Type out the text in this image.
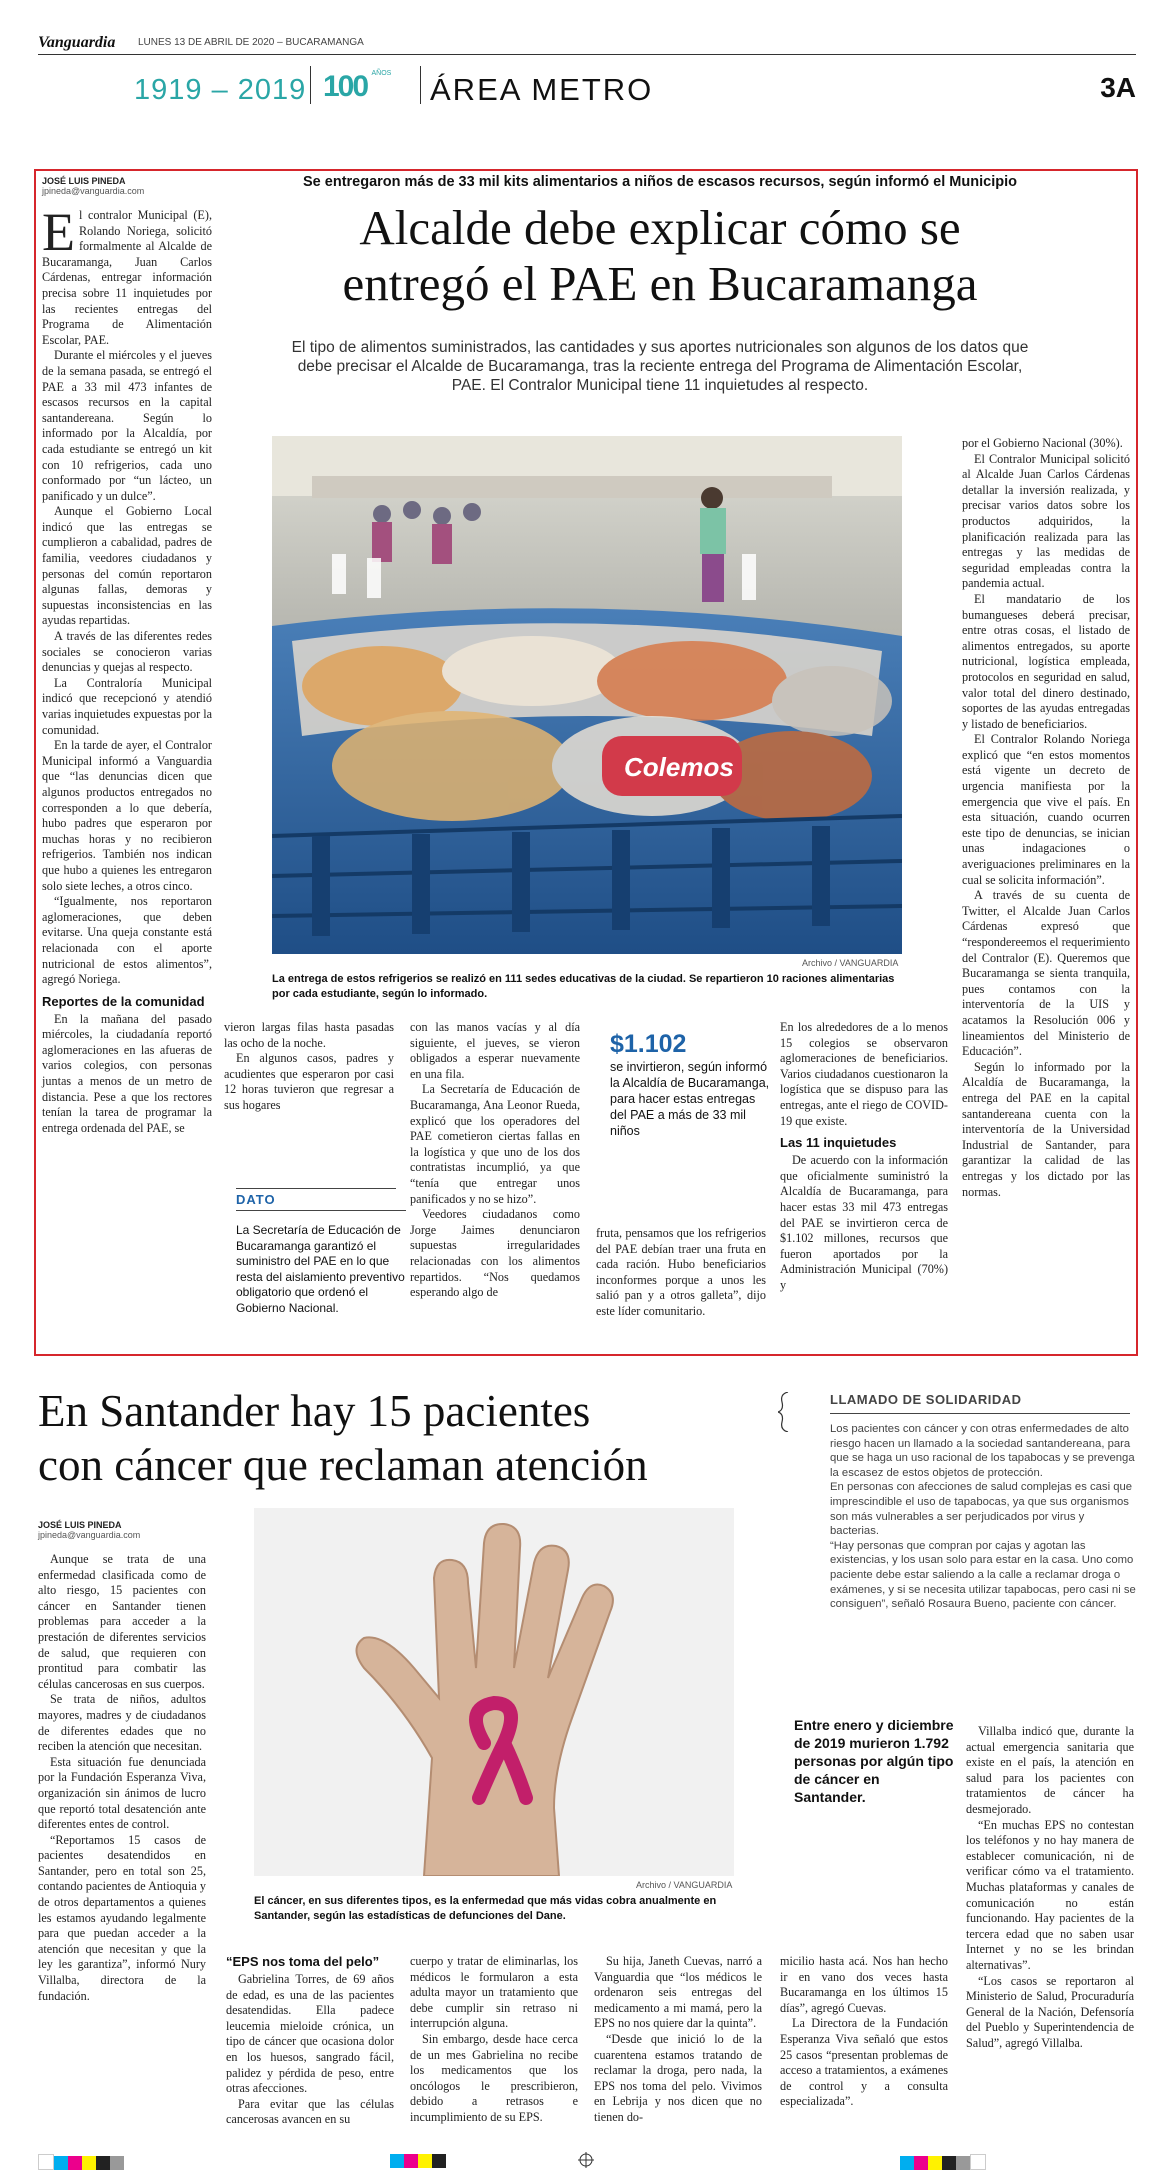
Vanguardia LUNES 13 DE ABRIL DE 2020 – BUCARAMANGA
1919 – 2019 100 $^{AÑOS}$	ÁREA METRO	3A
JOSÉ LUIS PINEDA
jpineda@vanguardia.com
Se entregaron más de 33 mil kits alimentarios a niños de escasos recursos, según informó el Municipio
Alcalde debe explicar cómo se
entregó el PAE en Bucaramanga
El tipo de alimentos suministrados, las cantidades y sus aportes nutricionales son algunos de los datos que debe precisar el Alcalde de Bucaramanga, tras la reciente entrega del Programa de Alimentación Escolar, PAE. El Contralor Municipal tiene 11 inquietudes al respecto.

El contralor Municipal (E), Rolando Noriega, solicitó formalmente al Alcalde de Bucaramanga, Juan Carlos Cárdenas, entregar información precisa sobre 11 inquietudes por las recientes entregas del Programa de Alimentación Escolar, PAE.

Durante el miércoles y el jueves de la semana pasada, se entregó el PAE a 33 mil 473 infantes de escasos recursos en la capital santandereana. Según lo informado por la Alcaldía, por cada estudiante se entregó un kit con 10 refrigerios, cada uno conformado por “un lácteo, un panificado y un dulce”.

Aunque el Gobierno Local indicó que las entregas se cumplieron a cabalidad, padres de familia, veedores ciudadanos y personas del común reportaron algunas fallas, demoras y supuestas inconsistencias en las ayudas repartidas.

A través de las diferentes redes sociales se conocieron varias denuncias y quejas al respecto.

La Contraloría Municipal indicó que recepcionó y atendió varias inquietudes expuestas por la comunidad.

En la tarde de ayer, el Contralor Municipal informó a Vanguardia que “las denuncias dicen que algunos productos entregados no corresponden a lo que debería, hubo padres que esperaron por muchas horas y no recibieron refrigerios. También nos indican que hubo a quienes les entregaron solo siete leches, a otros cinco.

“Igualmente, nos reportaron aglomeraciones, que deben evitarse. Una queja constante está relacionada con el aporte nutricional de estos alimentos”, agregó Noriega.

Reportes de la comunidad

En la mañana del pasado miércoles, la ciudadanía reportó aglomeraciones en las afueras de varios colegios, con personas juntas a menos de un metro de distancia. Pese a que los rectores tenían la tarea de programar la entrega ordenada del PAE, se

Colemos
Archivo / VANGUARDIA
La entrega de estos refrigerios se realizó en 111 sedes educativas de la ciudad. Se repartieron 10 raciones alimentarias por cada estudiante, según lo informado.

vieron largas filas hasta pasadas las ocho de la noche.

En algunos casos, padres y acudientes que esperaron por casi 12 horas tuvieron que regresar a sus hogares

DATO
La Secretaría de Educación de Bucaramanga garantizó el suministro del PAE en lo que resta del aislamiento preventivo obligatorio que ordenó el Gobierno Nacional.

con las manos vacías y al día siguiente, el jueves, se vieron obligados a esperar nuevamente en una fila.

La Secretaría de Educación de Bucaramanga, Ana Leonor Rueda, explicó que los operadores del PAE cometieron ciertas fallas en la logística y que uno de los dos contratistas incumplió, ya que “tenía que entregar unos panificados y no se hizo”.

Veedores ciudadanos como Jorge Jaimes denunciaron supuestas irregularidades relacionadas con los alimentos repartidos. “Nos quedamos esperando algo de

$1.102
se invirtieron, según informó la Alcaldía de Bucaramanga, para hacer estas entregas del PAE a más de 33 mil niños

fruta, pensamos que los refrigerios del PAE debían traer una fruta en cada ración. Hubo beneficiarios inconformes porque a unos les salió pan y a otros galleta”, dijo este líder comunitario.

En los alrededores de a lo menos 15 colegios se observaron aglomeraciones de beneficiarios. Varios ciudadanos cuestionaron la logística que se dispuso para las entregas, ante el riego de COVID-19 que existe.

Las 11 inquietudes

De acuerdo con la información que oficialmente suministró la Alcaldía de Bucaramanga, para hacer estas 33 mil 473 entregas del PAE se invirtieron cerca de $1.102 millones, recursos que fueron aportados por la Administración Municipal (70%) y

por el Gobierno Nacional (30%).

El Contralor Municipal solicitó al Alcalde Juan Carlos Cárdenas detallar la inversión realizada, y precisar varios datos sobre los productos adquiridos, la planificación realizada para las entregas y las medidas de seguridad empleadas contra la pandemia actual.

El mandatario de los bumangueses deberá precisar, entre otras cosas, el listado de alimentos entregados, su aporte nutricional, logística empleada, protocolos en seguridad en salud, valor total del dinero destinado, soportes de las ayudas entregadas y listado de beneficiarios.

El Contralor Rolando Noriega explicó que “en estos momentos está vigente un decreto de urgencia manifiesta por la emergencia que vive el país. En esta situación, cuando ocurren este tipo de denuncias, se inician unas indagaciones o averiguaciones preliminares en la cual se solicita información”.

A través de su cuenta de Twitter, el Alcalde Juan Carlos Cárdenas expresó que “respondereemos el requerimiento del Contralor (E). Queremos que Bucaramanga se sienta tranquila, pues contamos con la interventoría de la UIS y acatamos la Resolución 006 y lineamientos del Ministerio de Educación”.

Según lo informado por la Alcaldía de Bucaramanga, la entrega del PAE en la capital santandereana cuenta con la interventoría de la Universidad Industrial de Santander, para garantizar la calidad de las entregas y los dictado por las normas.

En Santander hay 15 pacientes
con cáncer que reclaman atención
JOSÉ LUIS PINEDA
jpineda@vanguardia.com

Aunque se trata de una enfermedad clasificada como de alto riesgo, 15 pacientes con cáncer en Santander tienen problemas para acceder a la prestación de diferentes servicios de salud, que requieren con prontitud para combatir las células cancerosas en sus cuerpos.

Se trata de niños, adultos mayores, madres y de ciudadanos de diferentes edades que no reciben la atención que necesitan.

Esta situación fue denunciada por la Fundación Esperanza Viva, organización sin ánimos de lucro que reportó total desatención ante diferentes entes de control.

“Reportamos 15 casos de pacientes desatendidos en Santander, pero en total son 25, contando pacientes de Antioquia y de otros departamentos a quienes les estamos ayudando legalmente para que puedan acceder a la atención que necesitan y que la ley les garantiza”, informó Nury Villalba, directora de la fundación.

Archivo / VANGUARDIA
El cáncer, en sus diferentes tipos, es la enfermedad que más vidas cobra anualmente en Santander, según las estadísticas de defunciones del Dane.
“EPS nos toma del pelo”

Gabrielina Torres, de 69 años de edad, es una de las pacientes desatendidas. Ella padece leucemia mieloide crónica, un tipo de cáncer que ocasiona dolor en los huesos, sangrado fácil, palidez y pérdida de peso, entre otras afecciones.

Para evitar que las células cancerosas avancen en su

cuerpo y tratar de eliminarlas, los médicos le formularon a esta adulta mayor un tratamiento que debe cumplir sin retraso ni interrupción alguna.

Sin embargo, desde hace cerca de un mes Gabrielina no recibe los medicamentos que los oncólogos le prescribieron, debido a retrasos e incumplimiento de su EPS.

Su hija, Janeth Cuevas, narró a Vanguardia que “los médicos le ordenaron seis entregas del medicamento a mi mamá, pero la EPS no nos quiere dar la quinta”.

“Desde que inició lo de la cuarentena estamos tratando de reclamar la droga, pero nada, la EPS nos toma del pelo. Vivimos en Lebrija y nos dicen que no tienen do-

Entre enero y diciembre de 2019 murieron 1.792 personas por algún tipo de cáncer en Santander.

micilio hasta acá. Nos han hecho ir en vano dos veces hasta Bucaramanga en los últimos 15 días”, agregó Cuevas.

La Directora de la Fundación Esperanza Viva señaló que estos 25 casos “presentan problemas de acceso a tratamientos, a exámenes de control y a consulta especializada”.

Villalba indicó que, durante la actual emergencia sanitaria que existe en el país, la atención en salud para los pacientes con tratamientos de cáncer ha desmejorado.

“En muchas EPS no contestan los teléfonos y no hay manera de establecer comunicación, ni de verificar cómo va el tratamiento. Muchas plataformas y canales de comunicación no están funcionando. Hay pacientes de la tercera edad que no saben usar Internet y no se les brindan alternativas”.

“Los casos se reportaron al Ministerio de Salud, Procuraduría General de la Nación, Defensoría del Pueblo y Superintendencia de Salud”, agregó Villalba.

LLAMADO DE SOLIDARIDAD
Los pacientes con cáncer y con otras enfermedades de alto riesgo hacen un llamado a la sociedad santandereana, para que se haga un uso racional de los tapabocas y se prevenga la escasez de estos objetos de protección.
En personas con afecciones de salud complejas es casi que imprescindible el uso de tapabocas, ya que sus organismos son más vulnerables a ser perjudicados por virus y bacterias.
“Hay personas que compran por cajas y agotan las existencias, y los usan solo para estar en la casa. Uno como paciente debe estar saliendo a la calle a reclamar droga o exámenes, y si se necesita utilizar tapabocas, pero casi ni se consiguen”, señaló Rosaura Bueno, paciente con cáncer.
